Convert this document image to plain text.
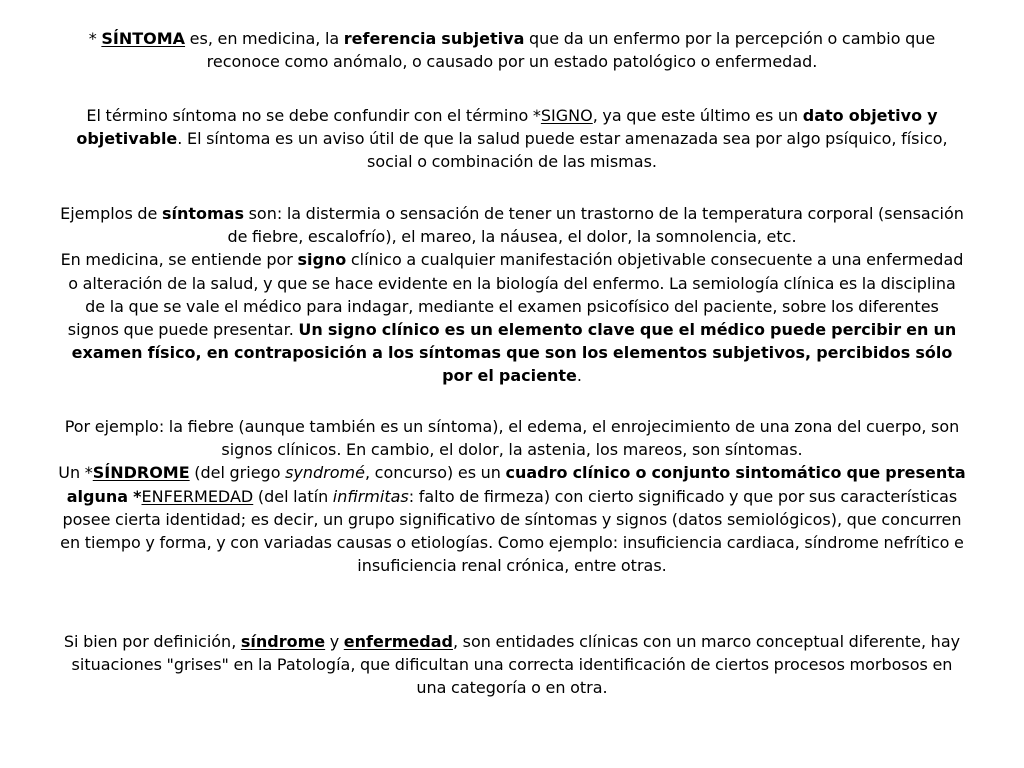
* SÍNTOMA es, en medicina, la referencia subjetiva que da un enfermo por la percepción o cambio que reconoce como anómalo, o causado por un estado patológico o enfermedad.
El término síntoma no se debe confundir con el término *SIGNO, ya que este último es un dato objetivo y objetivable. El síntoma es un aviso útil de que la salud puede estar amenazada sea por algo psíquico, físico, social o combinación de las mismas.
Ejemplos de síntomas son: la distermia o sensación de tener un trastorno de la temperatura corporal (sensación de fiebre, escalofrío), el mareo, la náusea, el dolor, la somnolencia, etc.
En medicina, se entiende por signo clínico a cualquier manifestación objetivable consecuente a una enfermedad o alteración de la salud, y que se hace evidente en la biología del enfermo. La semiología clínica es la disciplina de la que se vale el médico para indagar, mediante el examen psicofísico del paciente, sobre los diferentes signos que puede presentar. Un signo clínico es un elemento clave que el médico puede percibir en un examen físico, en contraposición a los síntomas que son los elementos subjetivos, percibidos sólo por el paciente.
Por ejemplo: la fiebre (aunque también es un síntoma), el edema, el enrojecimiento de una zona del cuerpo, son signos clínicos. En cambio, el dolor, la astenia, los mareos, son síntomas.
Un *SÍNDROME (del griego syndromé, concurso) es un cuadro clínico o conjunto sintomático que presenta alguna *ENFERMEDAD (del latín infirmitas: falto de firmeza) con cierto significado y que por sus características posee cierta identidad; es decir, un grupo significativo de síntomas y signos (datos semiológicos), que concurren en tiempo y forma, y con variadas causas o etiologías. Como ejemplo: insuficiencia cardiaca, síndrome nefrítico e insuficiencia renal crónica, entre otras.
Si bien por definición, síndrome y enfermedad, son entidades clínicas con un marco conceptual diferente, hay situaciones "grises" en la Patología, que dificultan una correcta identificación de ciertos procesos morbosos en una categoría o en otra.
